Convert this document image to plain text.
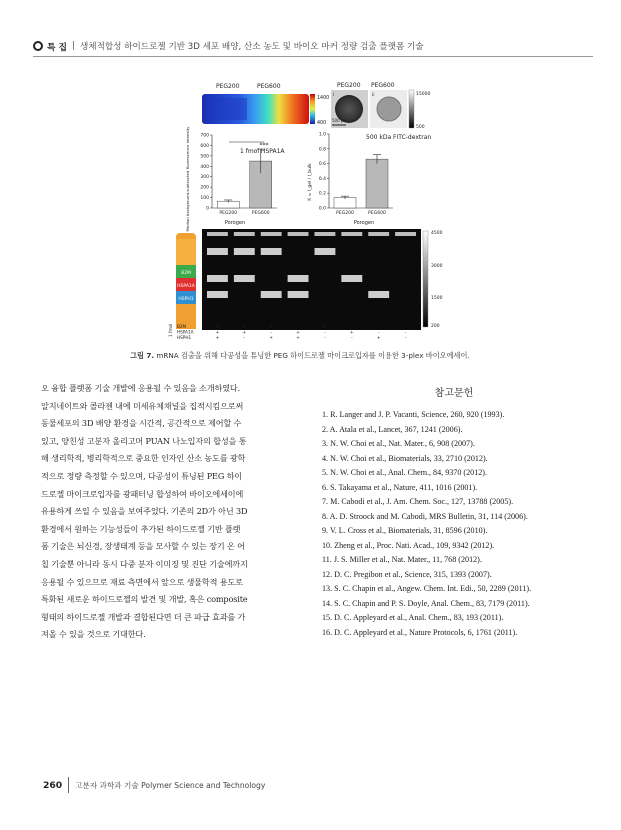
특 집 | 생체적합성 하이드로젤 기반 3D 세포 배양, 산소 농도 및 바이오 마커 정량 검출 플랫폼 기술
PEG200	PEG600
1400
400
PEG200 PEG600
i	ii
500 μm
15000
500
Median background-subtracted fluorescence intensity	***
1 fmol HSPA1A
Porogen
0
100
200
300
400
500
600
700
PEG200	PEG600
K = I_gel / I_bulk
500 kDa FITC-dextran
Porogen
0.0
0.2
0.4
0.6
0.8
1.0
PEG200	PEG600
B2M
HSPA1A
HSPH1
4500
3000
1500
200
1 fmol B2M	+	+	+	-	+	-	-	-
HSPA1A	+	+	-	+	-	+	-	-
HSPH1	+	-	+	+	-	-	+	-
그림 7. mRNA 검출을 위해 다공성을 튜닝한 PEG 하이드로젤 마이크로입자를 이용한 3-plex 바이오에세이.
오 융합 플랫폼 기술 개발에 응용될 수 있음을 소개하였다.
알지네이트와 콜라젠 내에 미세유체채널을 집적시킴으로써
동물세포의 3D 배양 환경을 시간적, 공간적으로 제어할 수
있고, 양친성 고분자 올리고머 PUAN 나노입자의 합성을 통
해 생리학적, 병리학적으로 중요한 인자인 산소 농도를 광학
적으로 정량 측정할 수 있으며, 다공성이 튜닝된 PEG 하이
드로젤 마이크로입자를 광패터닝 합성하여 바이오에세이에
유용하게 쓰일 수 있음을 보여주었다. 기존의 2D가 아닌 3D
환경에서 원하는 기능성들이 추가된 하이드로젤 기반 플랫
폼 기술은 뇌신경, 장생태계 등을 모사할 수 있는 장기 온 어
칩 기술뿐 아니라 동시 다중 분자 이미징 및 진단 기술에까지
응용될 수 있으므로 재료 측면에서 앞으로 생물학적 용도로
특화된 새로운 하이드로젤의 발견 및 개발, 혹은 composite
형태의 하이드로젤 개발과 결합된다면 더 큰 파급 효과를 가
져올 수 있을 것으로 기대한다.
참고문헌
1. R. Langer and J. P. Vacanti, Science, 260, 920 (1993).
2. A. Atala et al., Lancet, 367, 1241 (2006).
3. N. W. Choi et al., Nat. Mater., 6, 908 (2007).
4. N. W. Choi et al., Biomaterials, 33, 2710 (2012).
5. N. W. Choi et al., Anal. Chem., 84, 9370 (2012).
6. S. Takayama et al., Nature, 411, 1016 (2001).
7. M. Cabodi et al., J. Am. Chem. Soc., 127, 13788 (2005).
8. A. D. Stroock and M. Cabodi, MRS Bulletin, 31, 114 (2006).
9. V. L. Cross et al., Biomaterials, 31, 8596 (2010).
10. Zheng et al., Proc. Nati. Acad., 109, 9342 (2012).
11. J. S. Miller et al., Nat. Mater., 11, 768 (2012).
12. D. C. Pregibon et al., Science, 315, 1393 (2007).
13. S. C. Chapin et al., Angew. Chem. Int. Edi., 50, 2289 (2011).
14. S. C. Chapin and P. S. Doyle, Anal. Chem., 83, 7179 (2011).
15. D. C. Appleyard et al., Anal. Chem., 83, 193 (2011).
16. D. C. Appleyard et al., Nature Protocols, 6, 1761 (2011).
260 고분자 과학과 기술 Polymer Science and Technology
